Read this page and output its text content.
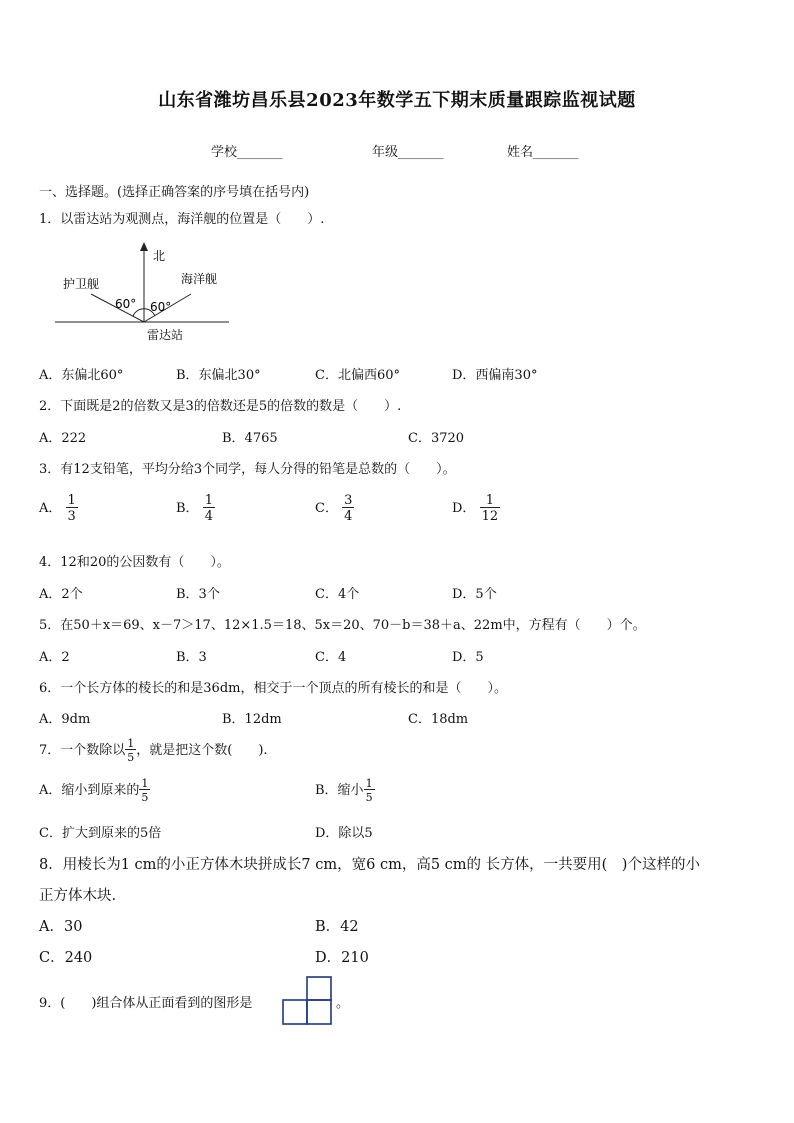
山东省潍坊昌乐县2023年数学五下期末质量跟踪监视试题
学校_______	年级_______	姓名_______
一、选择题。(选择正确答案的序号填在括号内)
1．以雷达站为观测点，海洋舰的位置是（　　）.
北
护卫舰	海洋舰
60° 60°
雷达站
A．东偏北60°	B．东偏北30°	C．北偏西60°	D．西偏南30°
2．下面既是2的倍数又是3的倍数还是5的倍数的数是（　　）.
A．222	B．4765	C．3720
3．有12支铅笔，平均分给3个同学，每人分得的铅笔是总数的（　　）。
A． $\frac{1}{3}$	B． $\frac{1}{4}$	C． $\frac{3}{4}$	D． $\frac{1}{12}$
4．12和20的公因数有（　　）。
A．2个	B．3个	C．4个	D．5个
5．在50＋x＝69、x－7＞17、12×1.5＝18、5x＝20、70－b＝38＋a、22m中，方程有（　　）个。
A．2	B．3	C．4	D．5
6．一个长方体的棱长的和是36dm，相交于一个顶点的所有棱长的和是（　　）。
A．9dm	B．12dm	C．18dm
7．一个数除以 $\frac{1}{5}$ ，就是把这个数(　　).
A．缩小到原来的 $\frac{1}{5}$	B．缩小 $\frac{1}{5}$
C．扩大到原来的5倍	D．除以5
8．用棱长为1 cm的小正方体木块拼成长7 cm，宽6 cm，高5 cm的 长方体，一共要用(　)个这样的小
正方体木块.
A．30	B．42
C．240	D．210
9．(　　)组合体从正面看到的图形是	。
